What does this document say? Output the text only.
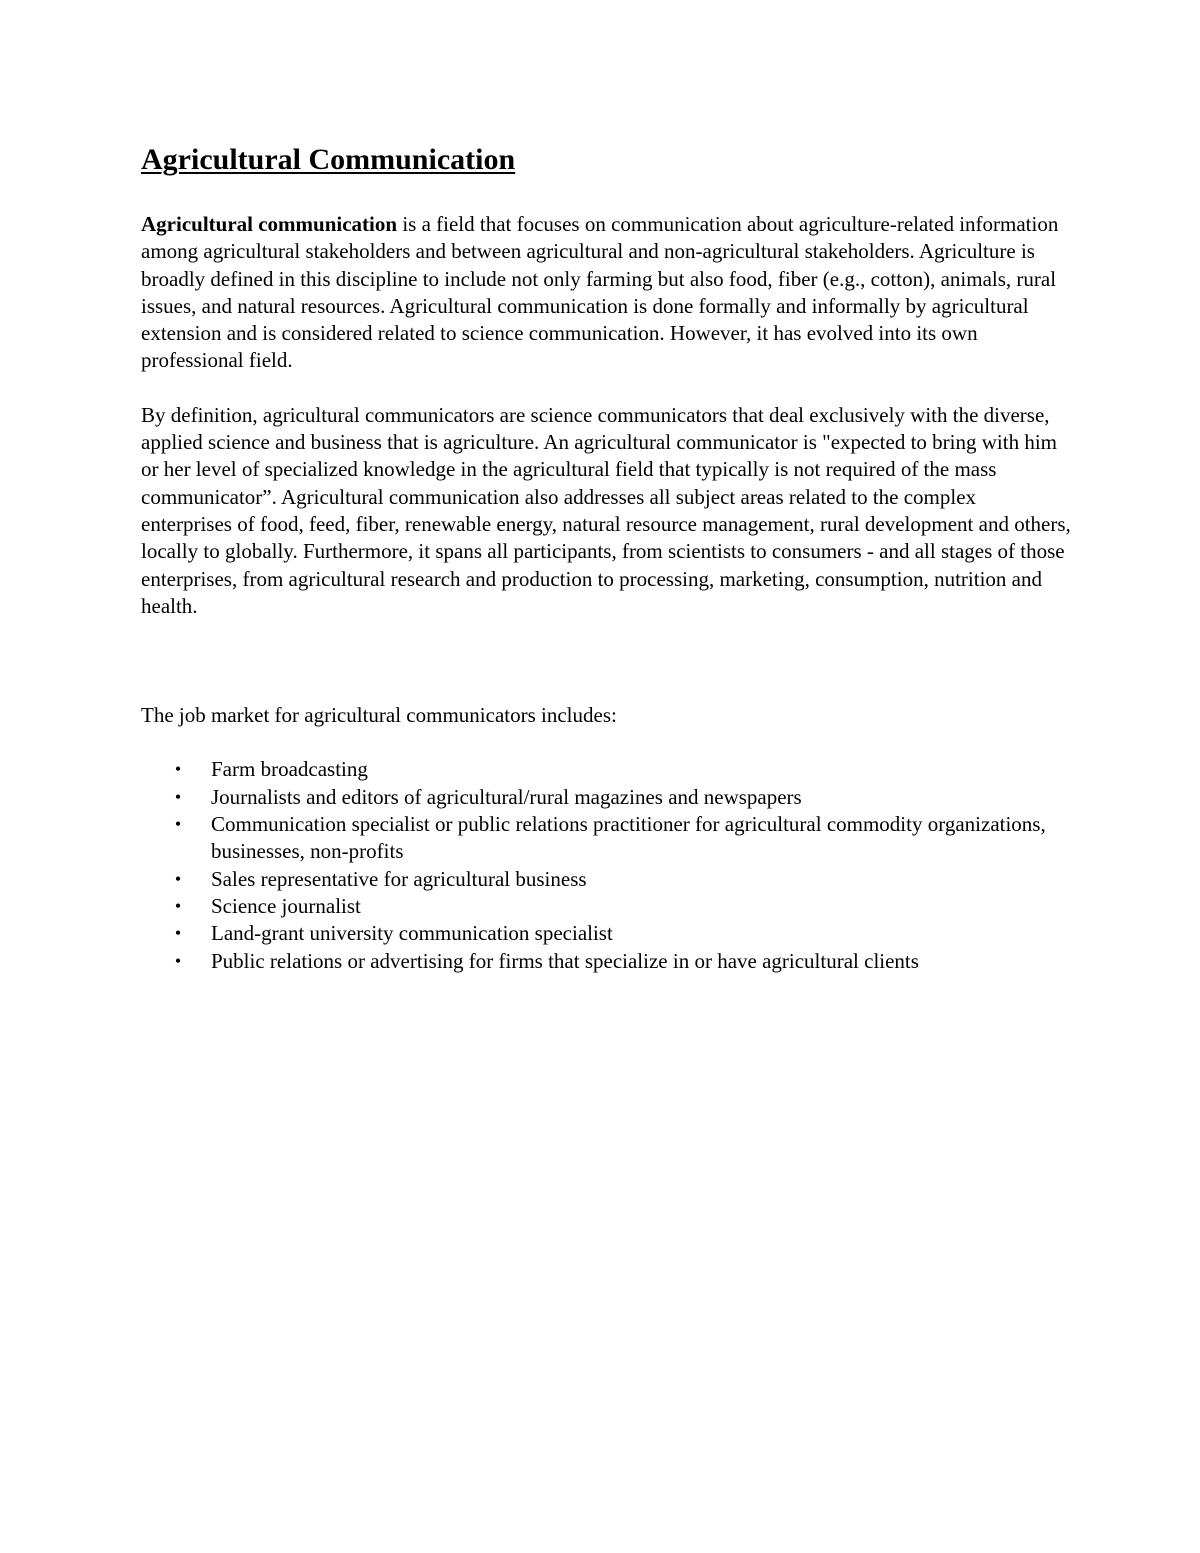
Agricultural Communication

Agricultural communication is a field that focuses on communication about agriculture-related information among agricultural stakeholders and between agricultural and non-agricultural stakeholders. Agriculture is broadly defined in this discipline to include not only farming but also food, fiber (e.g., cotton), animals, rural issues, and natural resources. Agricultural communication is done formally and informally by agricultural extension and is considered related to science communication. However, it has evolved into its own professional field.

By definition, agricultural communicators are science communicators that deal exclusively with the diverse, applied science and business that is agriculture. An agricultural communicator is "expected to bring with him or her level of specialized knowledge in the agricultural field that typically is not required of the mass communicator”. Agricultural communication also addresses all subject areas related to the complex enterprises of food, feed, fiber, renewable energy, natural resource management, rural development and others, locally to globally. Furthermore, it spans all participants, from scientists to consumers - and all stages of those enterprises, from agricultural research and production to processing, marketing, consumption, nutrition and health.

The job market for agricultural communicators includes:

• Farm broadcasting
• Journalists and editors of agricultural/rural magazines and newspapers
• Communication specialist or public relations practitioner for agricultural commodity organizations, businesses, non-profits
• Sales representative for agricultural business
• Science journalist
• Land-grant university communication specialist
• Public relations or advertising for firms that specialize in or have agricultural clients
